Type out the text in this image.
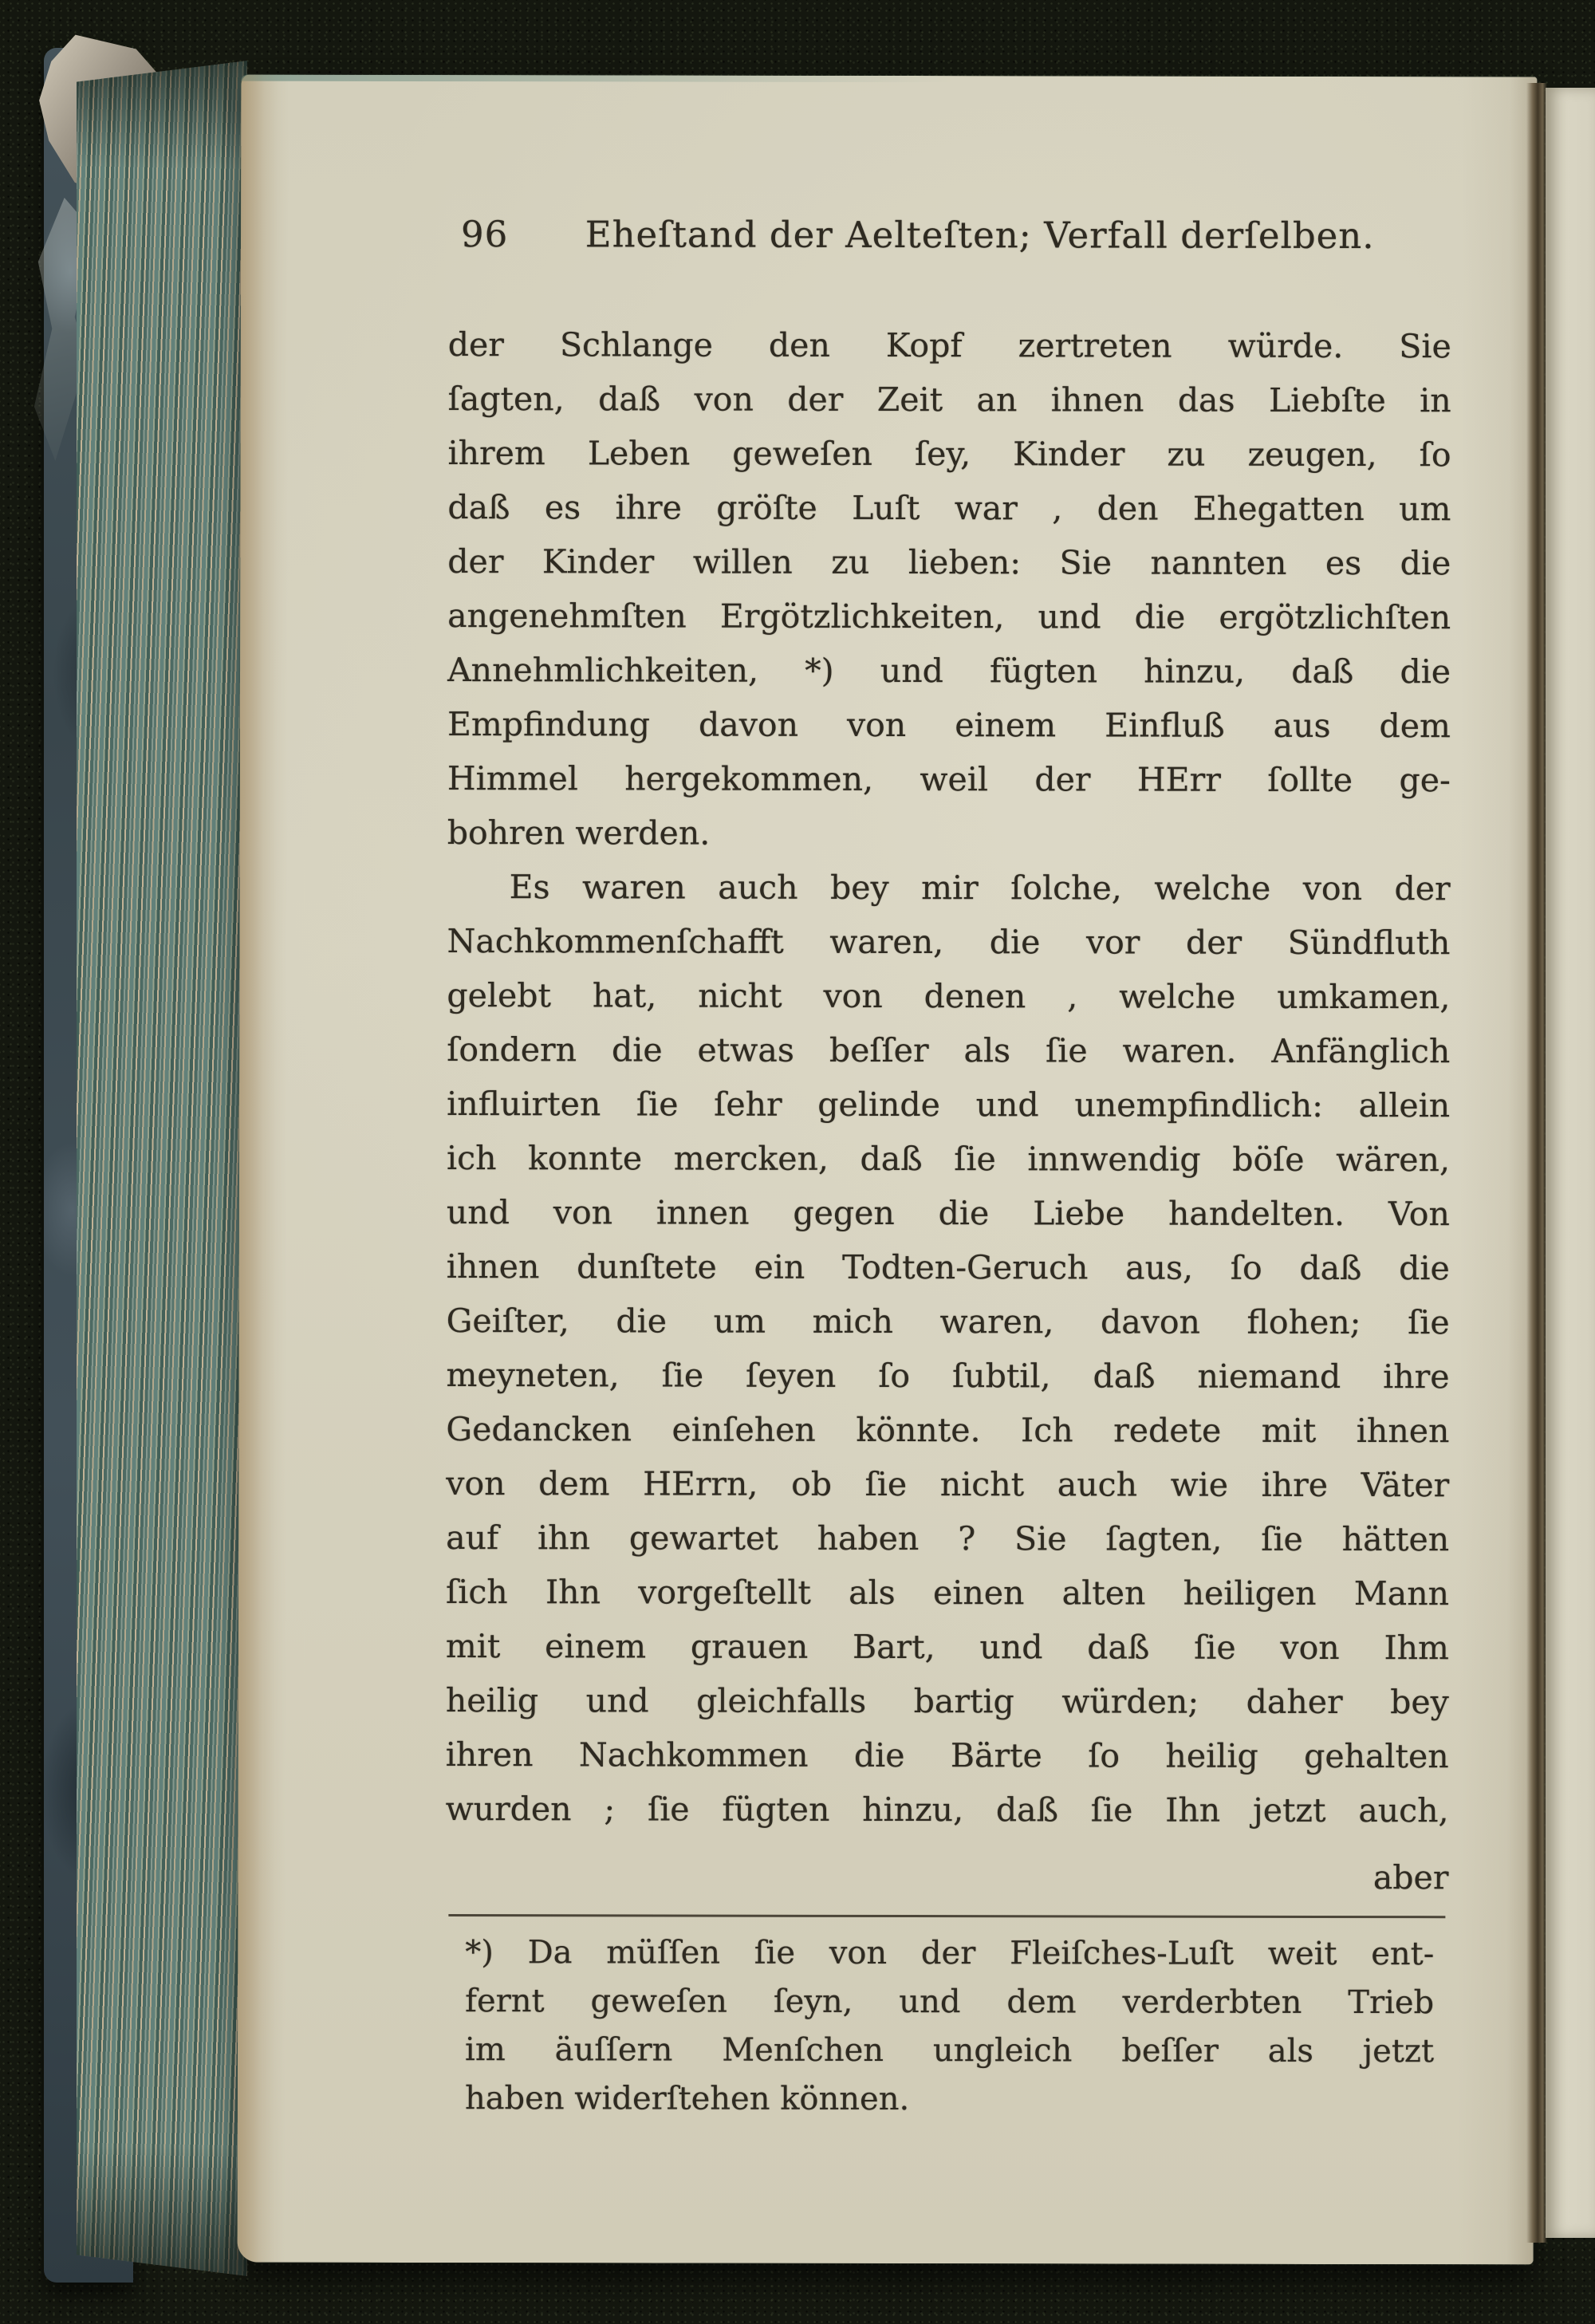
96	Eheſtand der Aelteſten; Verfall derſelben.
der Schlange den Kopf zertreten würde. Sie
ſagten, daß von der Zeit an ihnen das Liebſte in
ihrem Leben geweſen ſey, Kinder zu zeugen, ſo
daß es ihre gröſte Luſt war , den Ehegatten um
der Kinder willen zu lieben: Sie nannten es die
angenehmſten Ergötzlichkeiten, und die ergötzlichſten
Annehmlichkeiten, *) und fügten hinzu, daß die
Empfindung davon von einem Einfluß aus dem
Himmel hergekommen, weil der HErr ſollte ge-
bohren werden.
Es waren auch bey mir ſolche, welche von der
Nachkommenſchafft waren, die vor der Sündfluth
gelebt hat, nicht von denen , welche umkamen,
ſondern die etwas beſſer als ſie waren. Anfänglich
influirten ſie ſehr gelinde und unempfindlich: allein
ich konnte mercken, daß ſie innwendig böſe wären,
und von innen gegen die Liebe handelten. Von
ihnen dunſtete ein Todten-Geruch aus, ſo daß die
Geiſter, die um mich waren, davon flohen; ſie
meyneten, ſie ſeyen ſo ſubtil, daß niemand ihre
Gedancken einſehen könnte. Ich redete mit ihnen
von dem HErrn, ob ſie nicht auch wie ihre Väter
auf ihn gewartet haben ? Sie ſagten, ſie hätten
ſich Ihn vorgeſtellt als einen alten heiligen Mann
mit einem grauen Bart, und daß ſie von Ihm
heilig und gleichfalls bartig würden; daher bey
ihren Nachkommen die Bärte ſo heilig gehalten
wurden ; ſie fügten hinzu, daß ſie Ihn jetzt auch,
aber
*) Da müſſen ſie von der Fleiſches-Luſt weit ent-
fernt geweſen ſeyn, und dem verderbten Trieb
im äuſſern Menſchen ungleich beſſer als jetzt
haben widerſtehen können.
